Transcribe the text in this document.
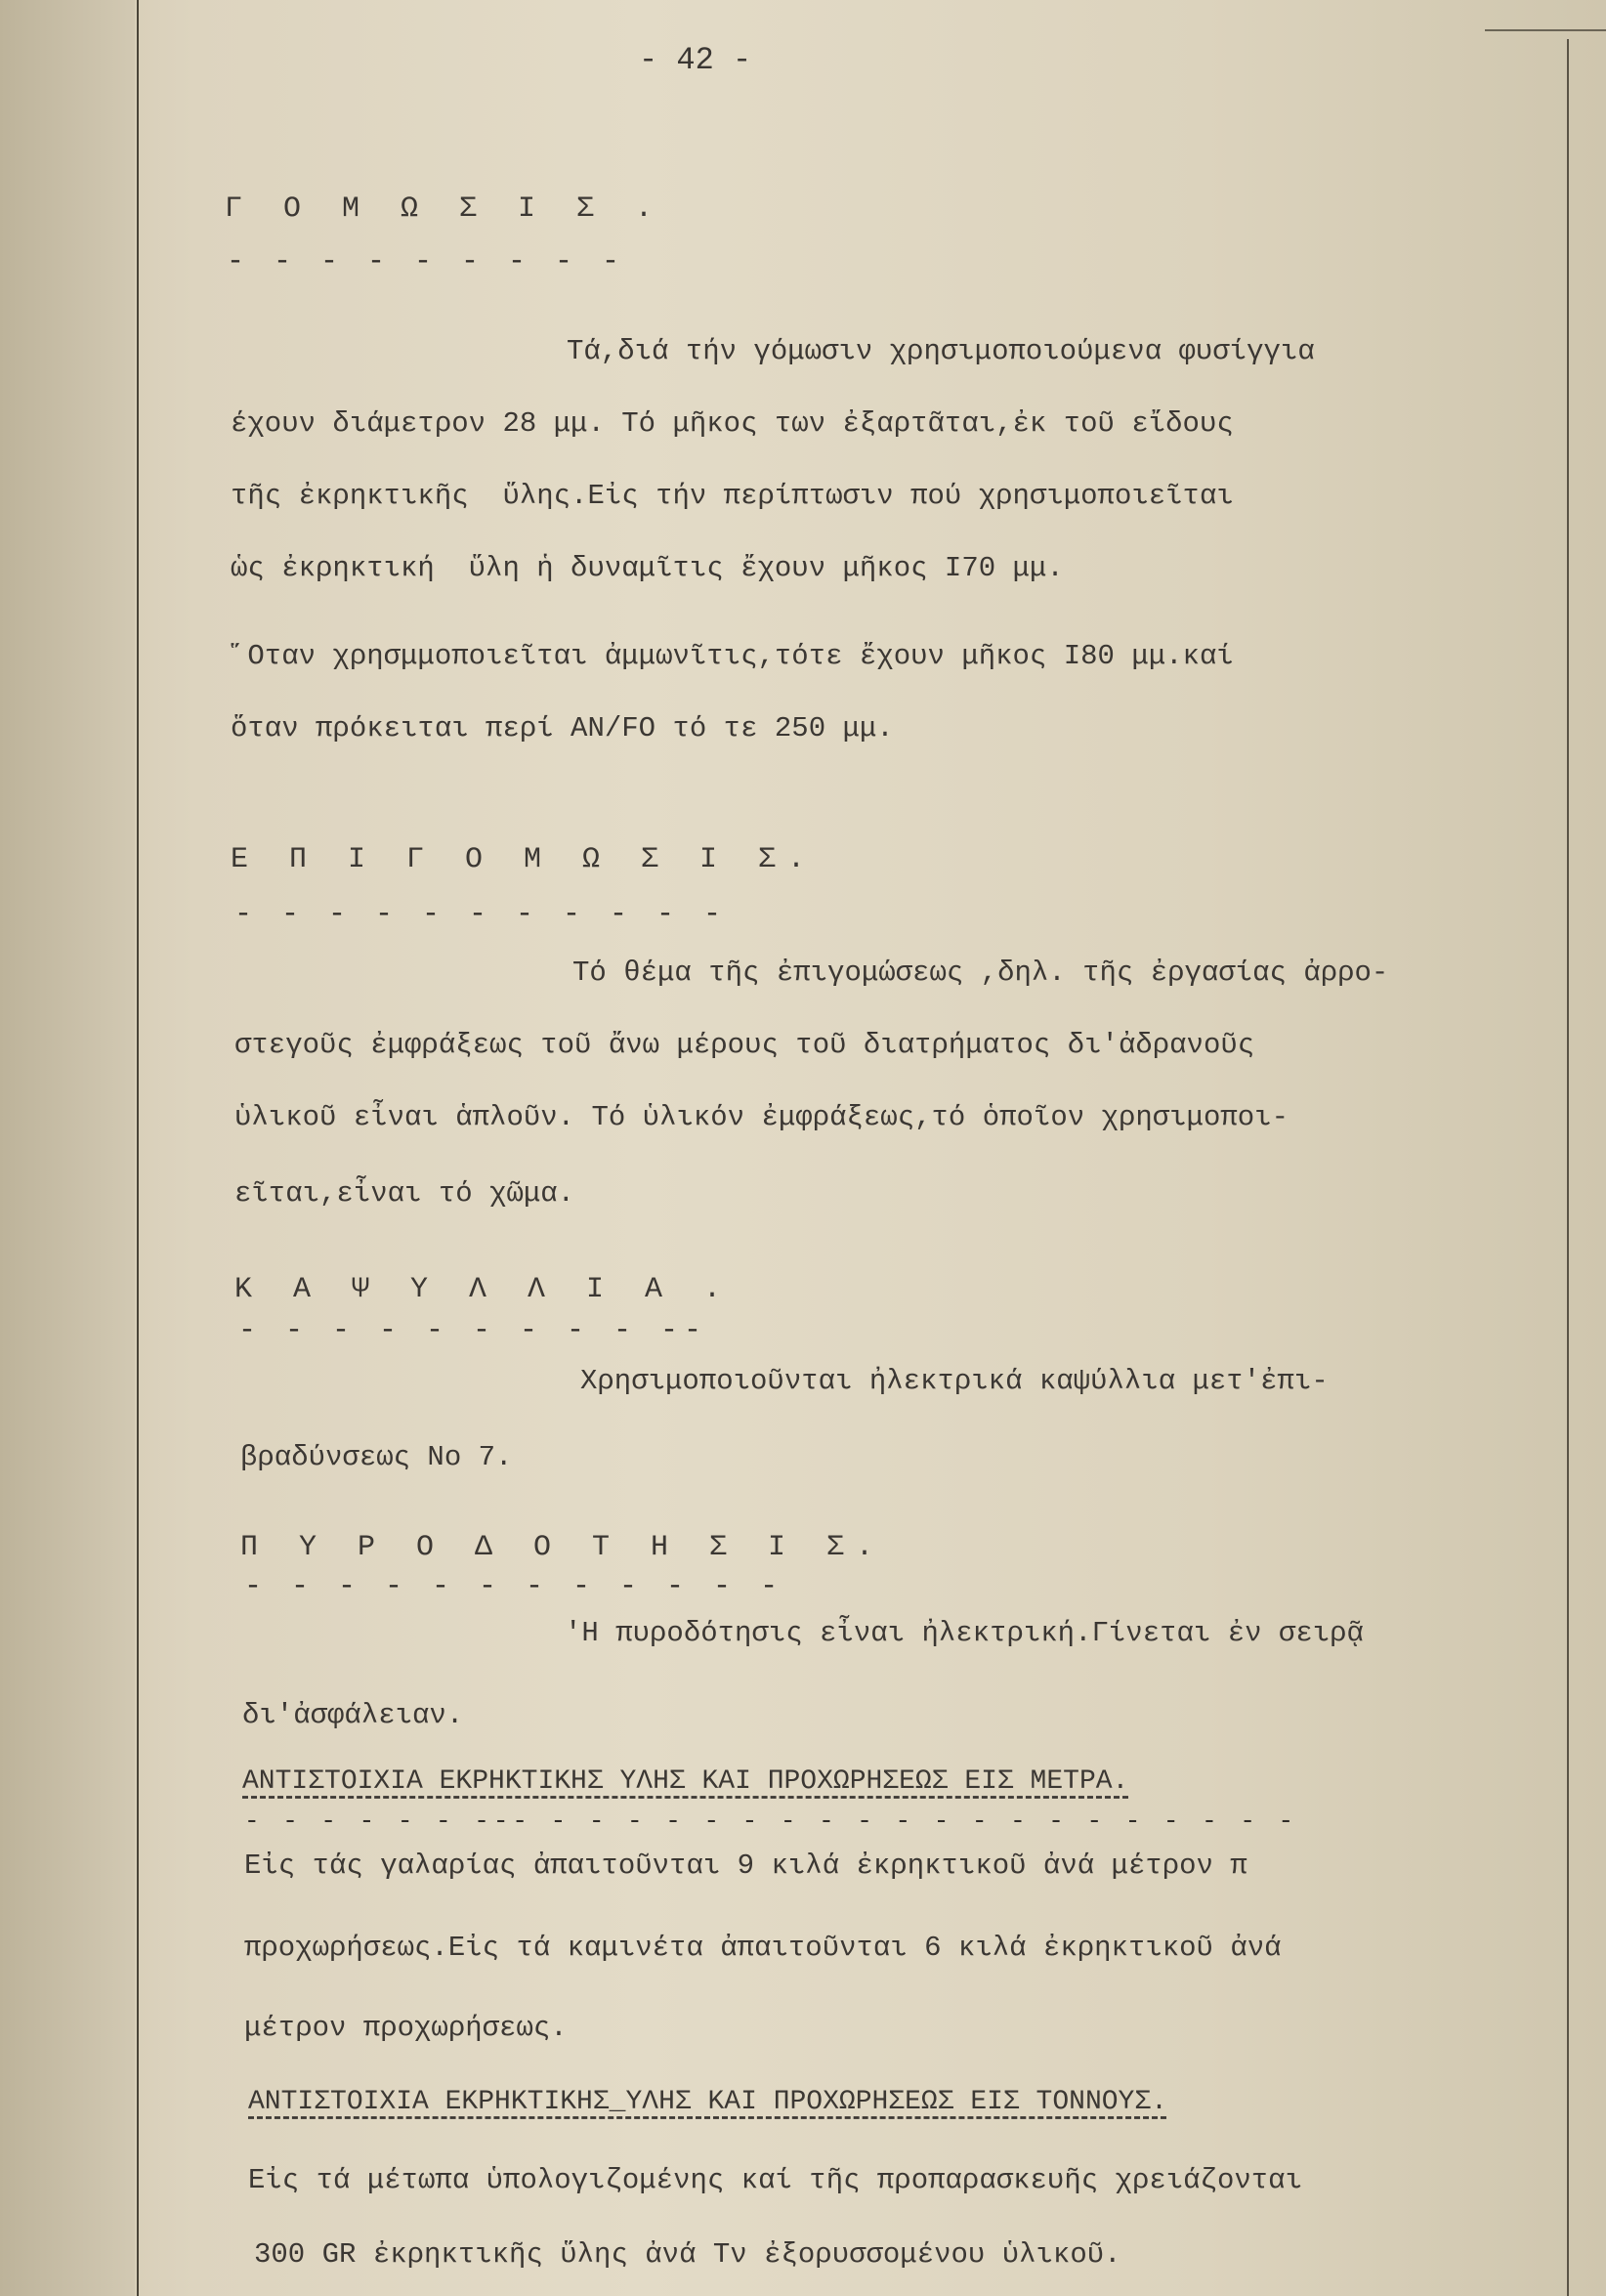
- 42 -
Γ Ο Μ Ω Σ Ι Σ .
- - - - - - - - -
Τά,διά τήν γόμωσιν χρησιμοποιούμενα φυσίγγια
έχουν διάμετρον 28 μμ. Τό μῆκος των ἐξαρτᾶται,ἐκ τοῦ εἴδους
τῆς ἐκρηκτικῆς  ὕλης.Εἰς τήν περίπτωσιν πού χρησιμοποιεῖται
ὡς ἐκρηκτική  ὕλη ἡ δυναμῖτις ἔχουν μῆκος I70 μμ.
῞Οταν χρησμμοποιεῖται ἀμμωνῖτις,τότε ἔχουν μῆκος I80 μμ.καί
ὅταν πρόκειται περί ΑΝ/FO τό τε 250 μμ.
Ε Π Ι Γ Ο Μ Ω Σ Ι Σ.
- - - - - - - - - - -
Τό θέμα τῆς ἐπιγομώσεως ,δηλ. τῆς ἐργασίας ἀρρο-
στεγοῦς ἐμφράξεως τοῦ ἄνω μέρους τοῦ διατρήματος δι'ἀδρανοῦς
ὑλικοῦ εἶναι ἁπλοῦν. Τό ὑλικόν ἐμφράξεως,τό ὁποῖον χρησιμοποι-
εῖται,εἶναι τό χῶμα.
Κ Α Ψ Υ Λ Λ Ι Α .
- - - - - - - - - --
Χρησιμοποιοῦνται ἠλεκτρικά καψύλλια μετ'ἐπι-
βραδύνσεως Νο 7.
Π Υ Ρ Ο Δ Ο Τ Η Σ Ι Σ.
- - - - - - - - - - - -
'Η πυροδότησις εἶναι ἠλεκτρική.Γίνεται ἐν σειρᾷ
δι'ἀσφάλειαν.
ΑΝΤΙΣΤΟΙΧΙΑ ΕΚΡΗΚΤΙΚΗΣ ΥΛΗΣ ΚΑΙ ΠΡΟΧΩΡΗΣΕΩΣ ΕΙΣ ΜΕΤΡΑ.
- - - - - - --- - - - - - - - - - - - - - - - - - - - -
Εἰς τάς γαλαρίας ἀπαιτοῦνται 9 κιλά ἐκρηκτικοῦ ἀνά μέτρον π
προχωρήσεως.Εἰς τά καμινέτα ἀπαιτοῦνται 6 κιλά ἐκρηκτικοῦ ἀνά
μέτρον προχωρήσεως.
ΑΝΤΙΣΤΟΙΧΙΑ ΕΚΡΗΚΤΙΚΗΣ_ΥΛΗΣ ΚΑΙ ΠΡΟΧΩΡΗΣΕΩΣ ΕΙΣ ΤΟΝΝΟΥΣ.
Εἰς τά μέτωπα ὑπολογιζομένης καί τῆς προπαρασκευῆς χρειάζονται
300 GR ἐκρηκτικῆς ὕλης ἀνά Τν ἐξορυσσομένου ὑλικοῦ.
